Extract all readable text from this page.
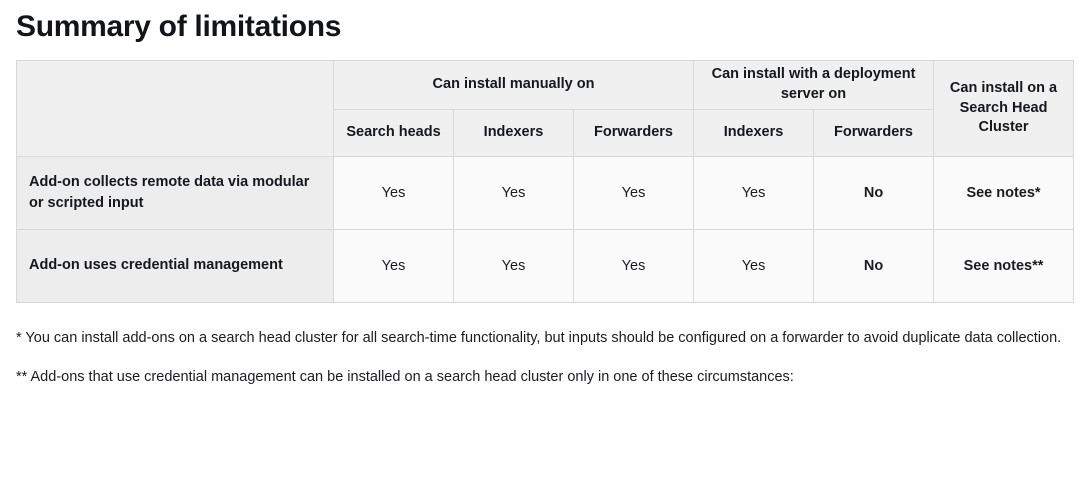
Summary of limitations
	Can install manually on			Can install with a deployment server on		Can install on a
Search Head Cluster
	Search heads	Indexers	Forwarders	Indexers	Forwarders	
Add-on collects remote data via modular or scripted input	Yes	Yes	Yes	Yes	No	See notes*
Add-on uses credential management	Yes	Yes	Yes	Yes	No	See notes**

* You can install add-ons on a search head cluster for all search-time functionality, but inputs should be configured on a forwarder to avoid duplicate data collection.

** Add-ons that use credential management can be installed on a search head cluster only in one of these circumstances:
